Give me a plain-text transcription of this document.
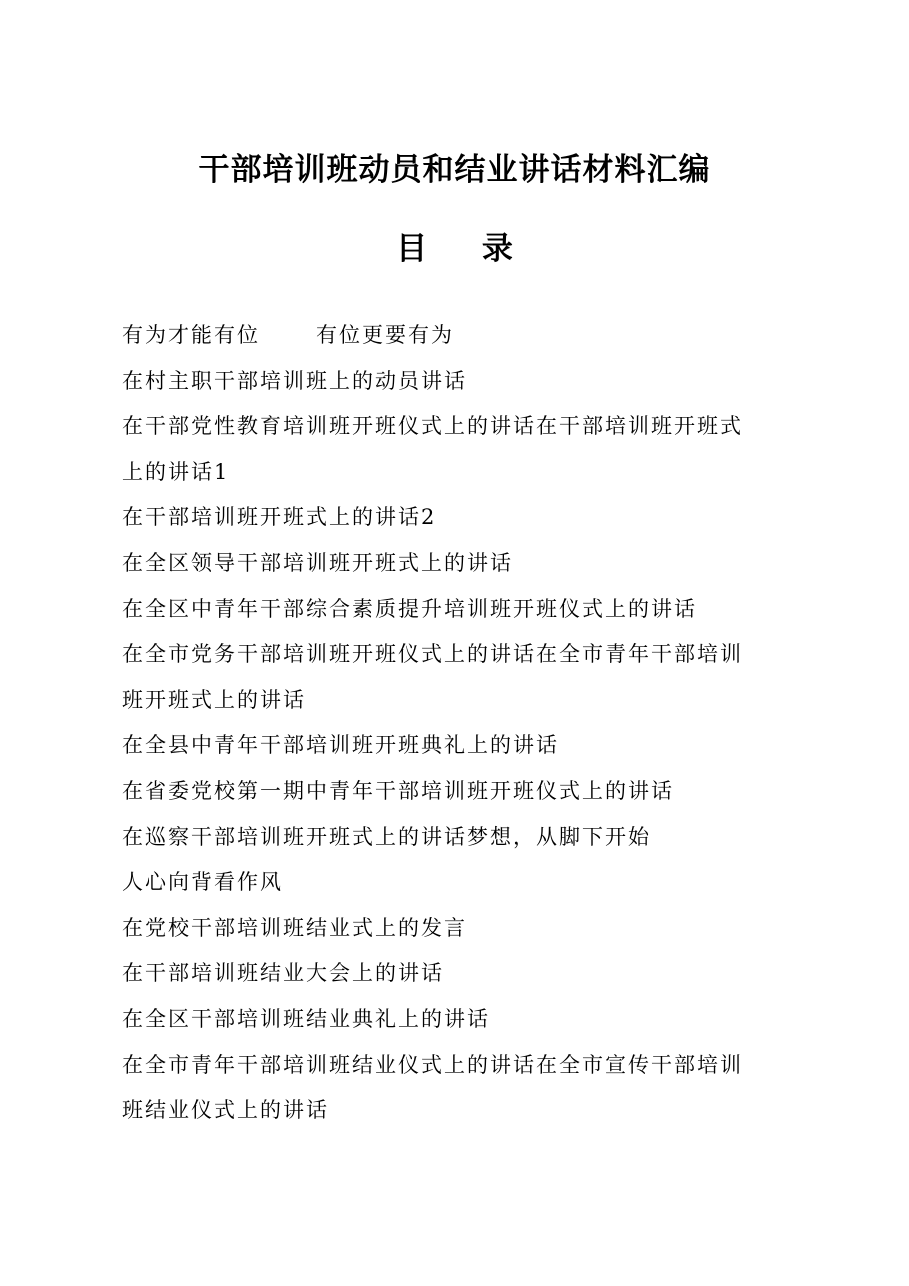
干部培训班动员和结业讲话材料汇编
目 录
有为才能有位	有位更要有为
在村主职干部培训班上的动员讲话
在干部党性教育培训班开班仪式上的讲话在干部培训班开班式
上的讲话1
在干部培训班开班式上的讲话2
在全区领导干部培训班开班式上的讲话
在全区中青年干部综合素质提升培训班开班仪式上的讲话
在全市党务干部培训班开班仪式上的讲话在全市青年干部培训
班开班式上的讲话
在全县中青年干部培训班开班典礼上的讲话
在省委党校第一期中青年干部培训班开班仪式上的讲话
在巡察干部培训班开班式上的讲话梦想，从脚下开始
人心向背看作风
在党校干部培训班结业式上的发言
在干部培训班结业大会上的讲话
在全区干部培训班结业典礼上的讲话
在全市青年干部培训班结业仪式上的讲话在全市宣传干部培训
班结业仪式上的讲话
